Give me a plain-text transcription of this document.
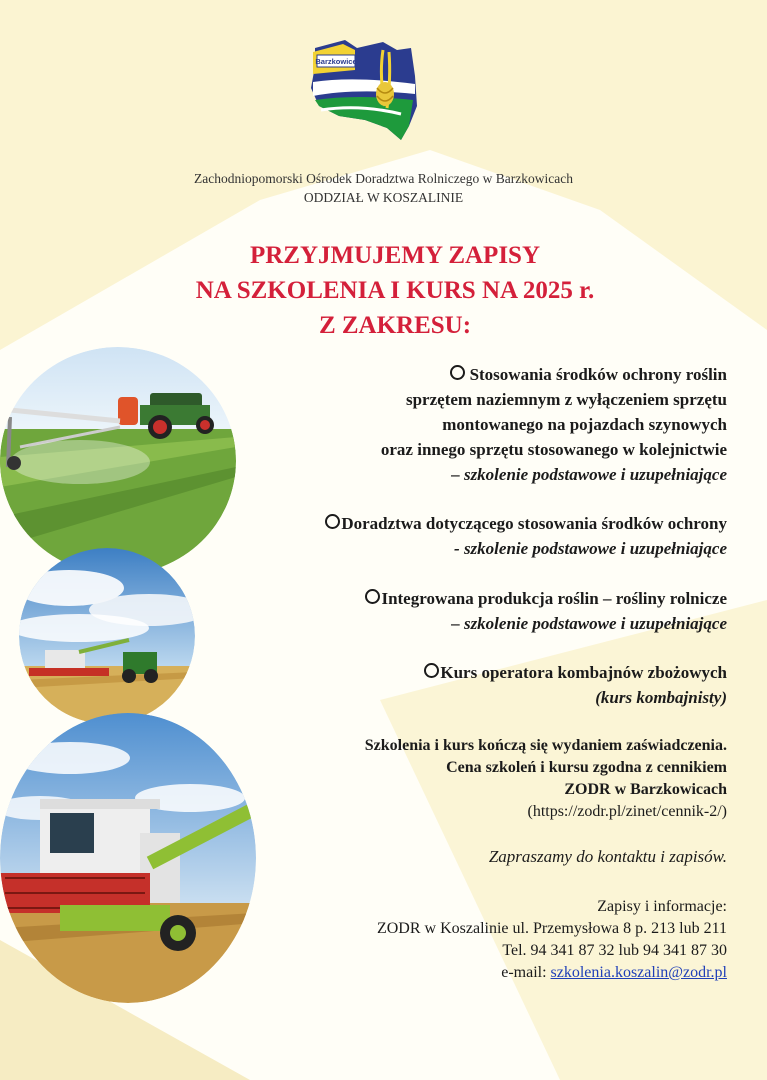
Barzkowice
Zachodniopomorski Ośrodek Doradztwa Rolniczego w Barzkowicach
ODDZIAŁ W KOSZALINIE
PRZYJMUJEMY ZAPISY
NA SZKOLENIA I KURS NA 2025 r.
Z ZAKRESU:
Stosowania środków ochrony roślin
sprzętem naziemnym z wyłączeniem sprzętu
montowanego na pojazdach szynowych
oraz innego sprzętu stosowanego w kolejnictwie
– szkolenie podstawowe i uzupełniające
Doradztwa dotyczącego stosowania środków ochrony
- szkolenie podstawowe i uzupełniające
Integrowana produkcja roślin – rośliny rolnicze
– szkolenie podstawowe i uzupełniające
Kurs operatora kombajnów zbożowych
(kurs kombajnisty)
Szkolenia i kurs kończą się wydaniem zaświadczenia.
Cena szkoleń i kursu zgodna z cennikiem
ZODR w Barzkowicach
(https://zodr.pl/zinet/cennik-2/)
Zapraszamy do kontaktu i zapisów.
Zapisy i informacje:
ZODR w Koszalinie ul. Przemysłowa 8 p. 213 lub 211
Tel. 94 341 87 32 lub 94 341 87 30
e-mail: szkolenia.koszalin@zodr.pl
